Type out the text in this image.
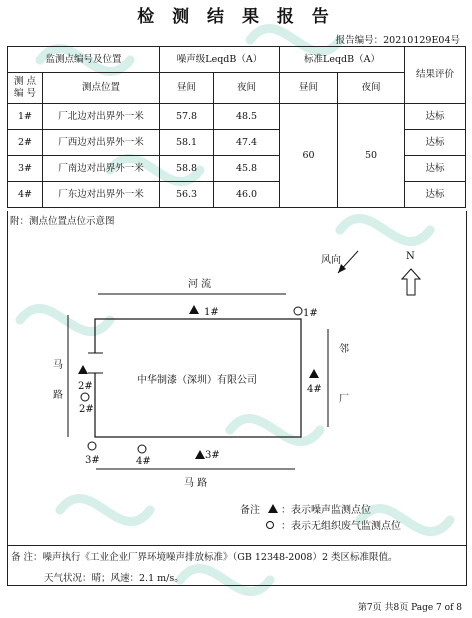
检 测 结 果 报 告
报告编号：20210129E04号
监测点编号及位置		噪声级LeqdB（A）		标准LeqdB（A）		结果评价
测 点 编 号	测点位置	昼间	夜间	昼间	夜间	
1#	厂北边对出界外一米	57.8	48.5	60	50	达标
2#	厂西边对出界外一米	58.1	47.4			达标
3#	厂南边对出界外一米	58.8	45.8			达标
4#	厂东边对出界外一米	56.3	46.0			达标
附：测点位置点位示意图
河 流
中华制漆（深圳）有限公司
马
路
马 路
邻
厂
1#
2#
3#
4#
1#
2#
3#	4#
风向	N
备注 ：表示噪声监测点位
：表示无组织废气监测点位
备 注：噪声执行《工业企业厂界环境噪声排放标准》（GB 12348-2008）2 类区标准限值。
天气状况：晴；风速：2.1 m/s。
第7页 共8页 Page 7 of 8
